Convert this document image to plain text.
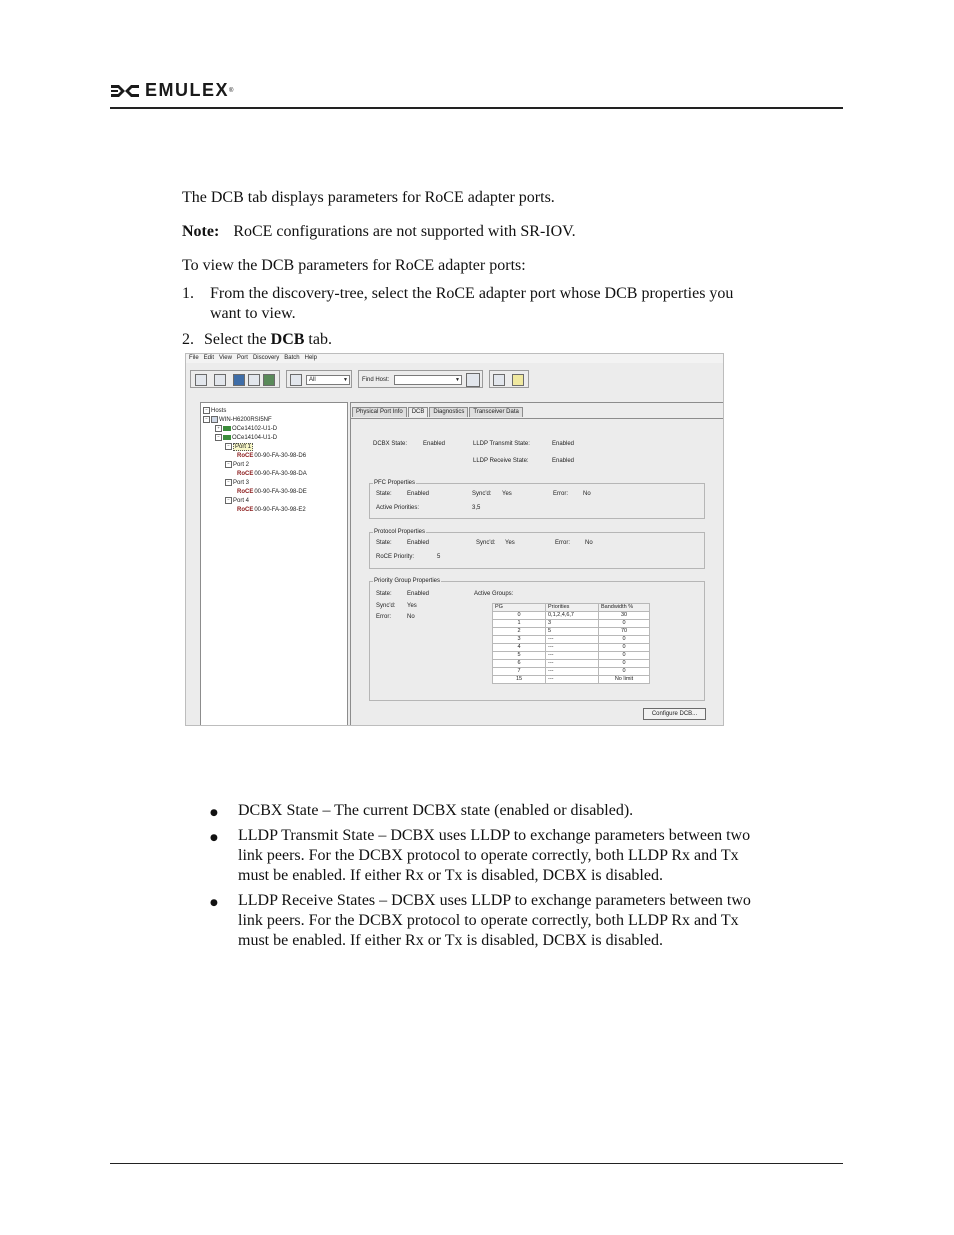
EMULEX ®
The DCB tab displays parameters for RoCE adapter ports.
Note: RoCE configurations are not supported with SR-IOV.
To view the DCB parameters for RoCE adapter ports:
1. From the discovery-tree, select the RoCE adapter port whose DCB properties you
want to view.
2. Select the DCB tab.
File Edit View Port Discovery Batch Help
All	▼ Find Host:	▼
− Hosts
− WIN-H6200RSI5NF
+ OCe14102-U1-D
− OCe14104-U1-D
− Port 1
RoCE00-90-FA-30-98-D6
− Port 2
RoCE00-90-FA-30-98-DA
− Port 3
RoCE00-90-FA-30-98-DE
− Port 4
RoCE00-90-FA-30-98-E2
Physical Port Info	DCB	Diagnostics	Transceiver Data
DCBX State:	Enabled	LLDP Transmit State:	Enabled
LLDP Receive State:	Enabled
PFC Properties
State:	Enabled	Sync'd: Yes	Error:	No
Active Priorities:	3,5
Protocol Properties
State:	Enabled	Sync'd: Yes	Error:	No
RoCE Priority:	5
Priority Group Properties
State:	Enabled
Sync'd: Yes
Error:	No
Active Groups:
PG	Priorities	Bandwidth %
0	0,1,2,4,6,7	30
1	3	0
2	5	70
3	---	0
4	---	0
5	---	0
6	---	0
7	---	0
15	---	No limit
Configure DCB...
● DCBX State – The current DCBX state (enabled or disabled).
● LLDP Transmit State – DCBX uses LLDP to exchange parameters between two
link peers. For the DCBX protocol to operate correctly, both LLDP Rx and Tx
must be enabled. If either Rx or Tx is disabled, DCBX is disabled.
● LLDP Receive States – DCBX uses LLDP to exchange parameters between two
link peers. For the DCBX protocol to operate correctly, both LLDP Rx and Tx
must be enabled. If either Rx or Tx is disabled, DCBX is disabled.
